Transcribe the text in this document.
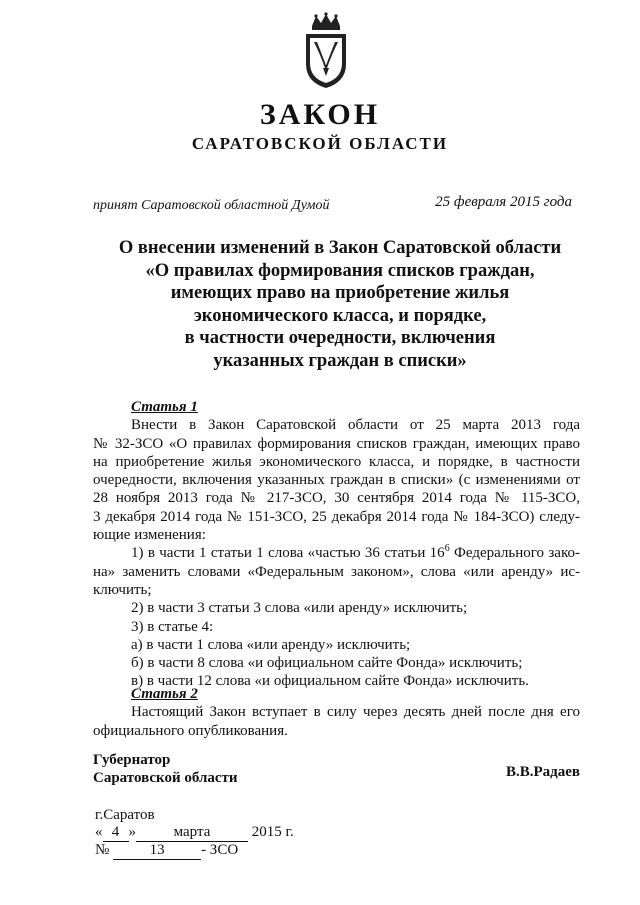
ЗАКОН
САРАТОВСКОЙ ОБЛАСТИ
принят Саратовской областной Думой	25 февраля 2015 года
О внесении изменений в Закон Саратовской области
«О правилах формирования списков граждан,
имеющих право на приобретение жилья
экономического класса, и порядке,
в частности очередности, включения
указанных граждан в списки»
Статья 1
Внести в Закон Саратовской области от 25 марта 2013 года
№ 32-ЗСО «О правилах формирования списков граждан, имеющих право
на приобретение жилья экономического класса, и порядке, в частности
очередности, включения указанных граждан в списки» (с изменениями от
28 ноября 2013 года № 217-ЗСО, 30 сентября 2014 года № 115-ЗСО,
3 декабря 2014 года № 151-ЗСО, 25 декабря 2014 года № 184-ЗСО) следу-
ющие изменения:
1) в части 1 статьи 1 слова «частью 36 статьи $16^6$ Федерального зако-
на» заменить словами «Федеральным законом», слова «или аренду» ис-
ключить;
2) в части 3 статьи 3 слова «или аренду» исключить;
3) в статье 4:
а) в части 1 слова «или аренду» исключить;
б) в части 8 слова «и официальном сайте Фонда» исключить;
в) в части 12 слова «и официальном сайте Фонда» исключить.
Статья 2
Настоящий Закон вступает в силу через десять дней после дня его
официального опубликования.
Губернатор
Саратовской области	В.В.Радаев
г.Саратов
« 4 »	марта	2015 г.
№	13 - ЗСО
